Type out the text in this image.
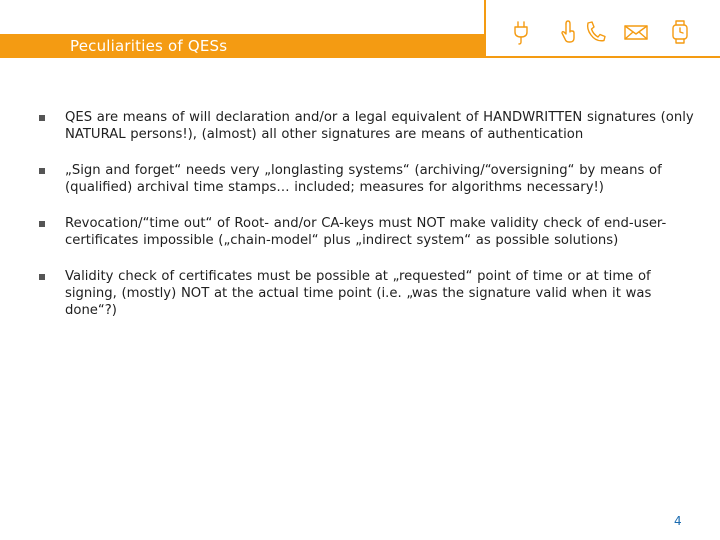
Peculiarities of QESs
QES are means of will declaration and/or a legal equivalent of HANDWRITTEN signatures (only NATURAL persons!), (almost) all other signatures are means of authentication
„Sign and forget“ needs very „longlasting systems“ (archiving/“oversigning“ by means of (qualified) archival time stamps… included; measures for algorithms necessary!)
Revocation/“time out“ of Root- and/or CA-keys must NOT make validity check of end-user-certificates impossible („chain-model“ plus „indirect system“ as possible solutions)
Validity check of certificates must be possible at „requested“ point of time or at time of signing, (mostly) NOT at the actual time point (i.e. „was the signature valid when it was done“?)
4
